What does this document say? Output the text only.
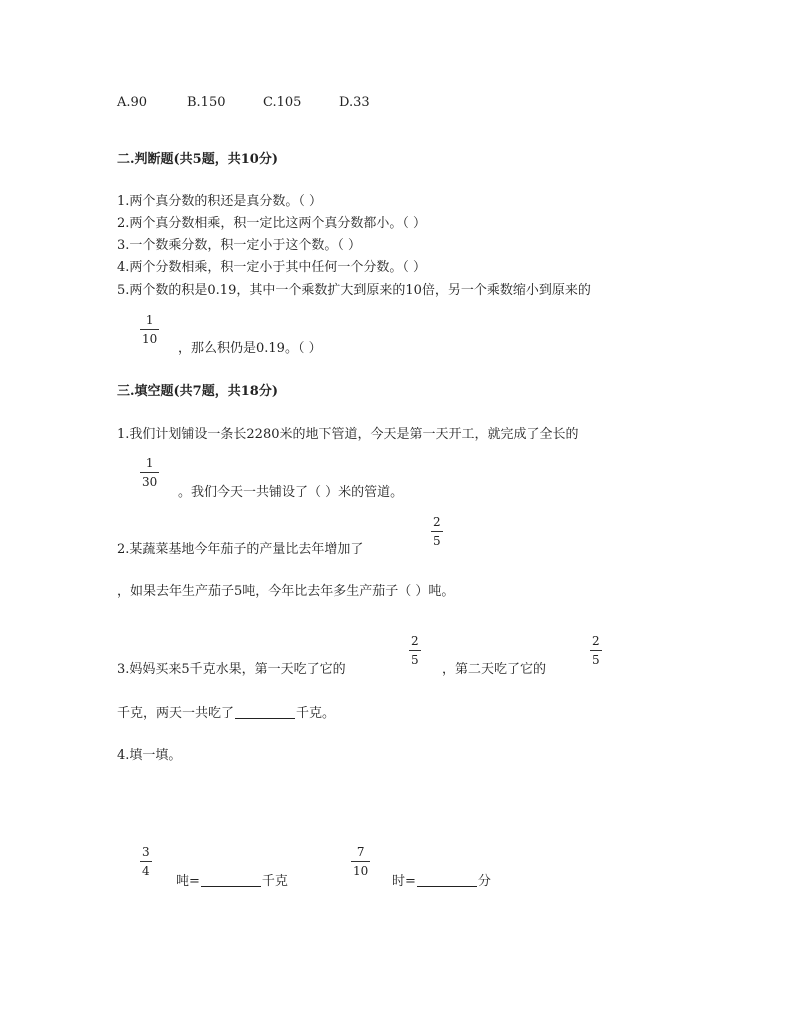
A.90	B.150	C.105	D.33
二.判断题(共5题，共10分)
1.两个真分数的积还是真分数。（ ）
2.两个真分数相乘，积一定比这两个真分数都小。（ ）
3.一个数乘分数，积一定小于这个数。（ ）
4.两个分数相乘，积一定小于其中任何一个分数。（ ）
5.两个数的积是0.19，其中一个乘数扩大到原来的10倍，另一个乘数缩小到原来的
1
10
，那么积仍是0.19。（ ）
三.填空题(共7题，共18分)
1.我们计划铺设一条长2280米的地下管道，今天是第一天开工，就完成了全长的
1
30
。我们今天一共铺设了（ ）米的管道。
2.某蔬菜基地今年茄子的产量比去年增加了
2
5
，如果去年生产茄子5吨，今年比去年多生产茄子（ ）吨。
3.妈妈买来5千克水果，第一天吃了它的
2
5
，第二天吃了它的
2
5
千克，两天一共吃了	千克。
4.填一填。
3
4
吨=	千克
7
10
时=	分
